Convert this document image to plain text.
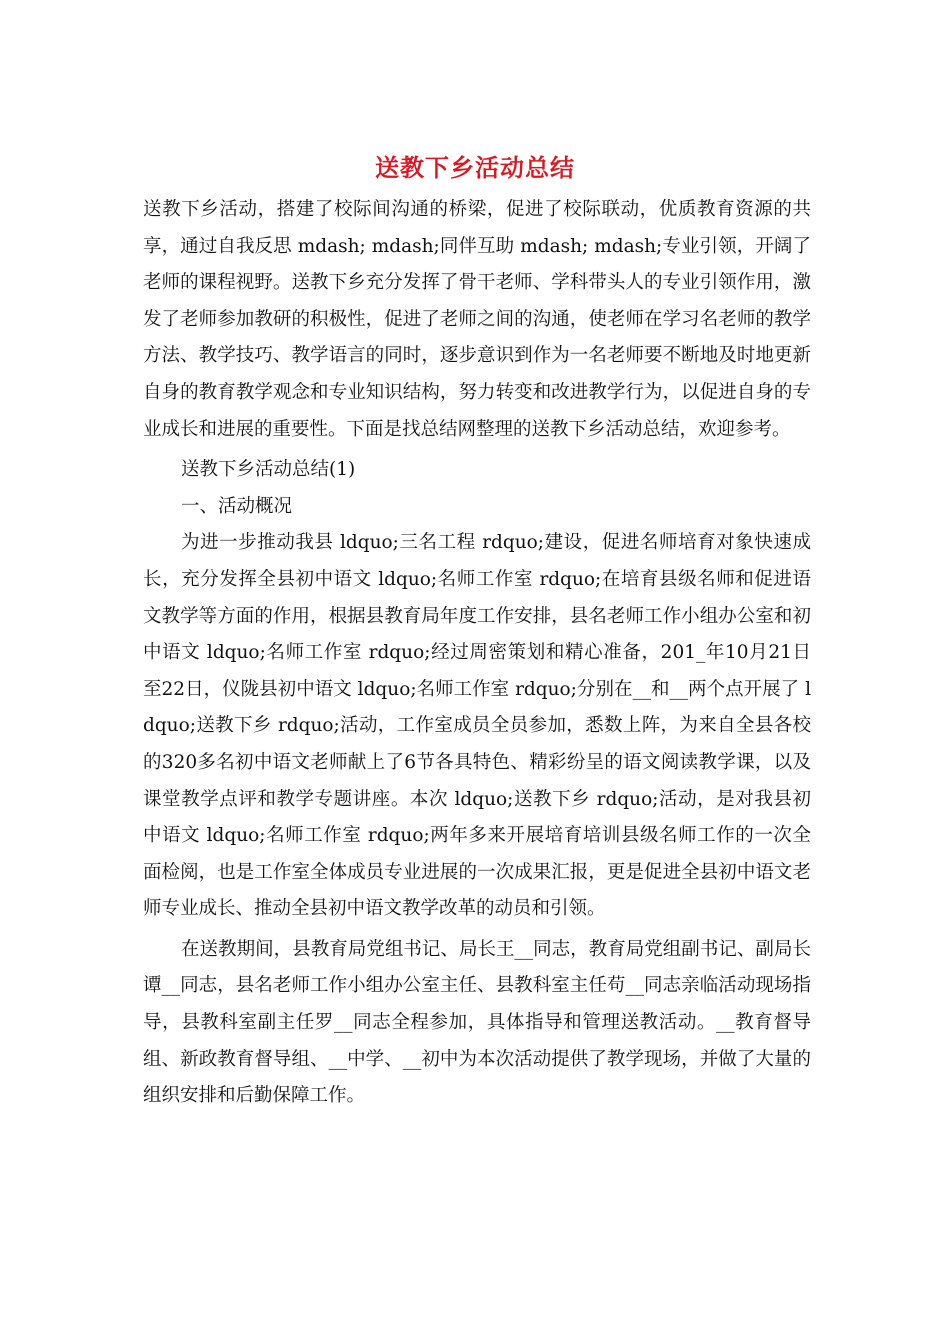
送教下乡活动总结

送教下乡活动，搭建了校际间沟通的桥梁，促进了校际联动，优质教育资源的共享，通过自我反思 mdash; mdash;同伴互助 mdash; mdash;专业引领，开阔了老师的课程视野。送教下乡充分发挥了骨干老师、学科带头人的专业引领作用，激发了老师参加教研的积极性，促进了老师之间的沟通，使老师在学习名老师的教学方法、教学技巧、教学语言的同时，逐步意识到作为一名老师要不断地及时地更新自身的教育教学观念和专业知识结构，努力转变和改进教学行为，以促进自身的专业成长和进展的重要性。下面是找总结网整理的送教下乡活动总结，欢迎参考。

送教下乡活动总结(1)

一、活动概况

为进一步推动我县 ldquo;三名工程 rdquo;建设，促进名师培育对象快速成长，充分发挥全县初中语文 ldquo;名师工作室 rdquo;在培育县级名师和促进语文教学等方面的作用，根据县教育局年度工作安排，县名老师工作小组办公室和初中语文 ldquo;名师工作室 rdquo;经过周密策划和精心准备，201_年10月21日至22日，仪陇县初中语文 ldquo;名师工作室 rdquo;分别在__和__两个点开展了 ldquo;送教下乡 rdquo;活动，工作室成员全员参加，悉数上阵，为来自全县各校的320多名初中语文老师献上了6节各具特色、精彩纷呈的语文阅读教学课，以及课堂教学点评和教学专题讲座。本次 ldquo;送教下乡 rdquo;活动，是对我县初中语文 ldquo;名师工作室 rdquo;两年多来开展培育培训县级名师工作的一次全面检阅，也是工作室全体成员专业进展的一次成果汇报，更是促进全县初中语文老师专业成长、推动全县初中语文教学改革的动员和引领。

在送教期间，县教育局党组书记、局长王__同志，教育局党组副书记、副局长谭__同志，县名老师工作小组办公室主任、县教科室主任苟__同志亲临活动现场指导，县教科室副主任罗__同志全程参加，具体指导和管理送教活动。__教育督导组、新政教育督导组、__中学、__初中为本次活动提供了教学现场，并做了大量的组织安排和后勤保障工作。
